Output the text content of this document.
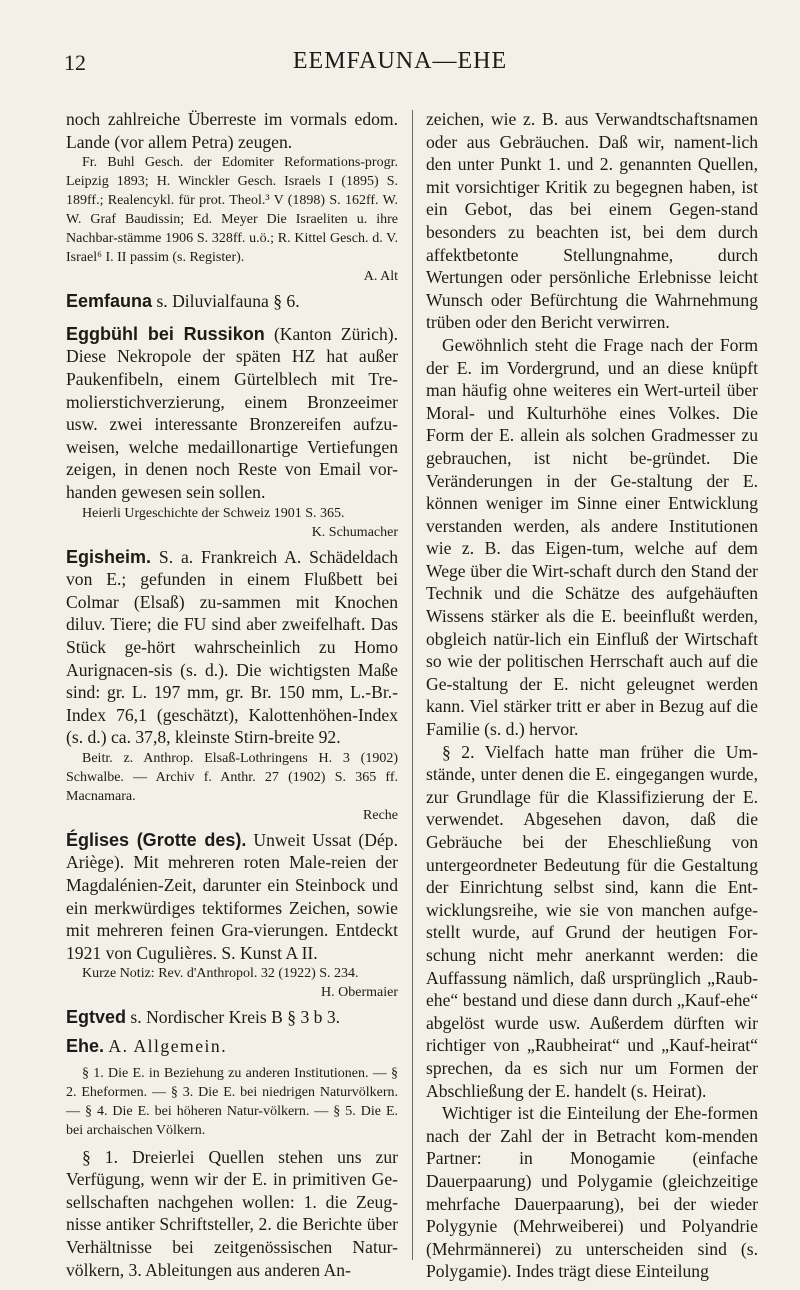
12	EEMFAUNA—EHE

noch zahlreiche Überreste im vormals edom. Lande (vor allem Petra) zeugen.

Fr. Buhl Gesch. der Edomiter Reformations-progr. Leipzig 1893; H. Winckler Gesch. Israels I (1895) S. 189ff.; Realencykl. für prot. Theol.³ V (1898) S. 162ff. W. W. Graf Baudissin; Ed. Meyer Die Israeliten u. ihre Nachbar-stämme 1906 S. 328ff. u.ö.; R. Kittel Gesch. d. V. Israel⁶ I. II passim (s. Register).

A. Alt

Eemfauna s. Diluvialfauna § 6.

Eggbühl bei Russikon (Kanton Zürich). Diese Nekropole der späten HZ hat außer Paukenfibeln, einem Gürtelblech mit Tre-molierstichverzierung, einem Bronzeeimer usw. zwei interessante Bronzereifen aufzu-weisen, welche medaillonartige Vertiefungen zeigen, in denen noch Reste von Email vor-handen gewesen sein sollen.

Heierli Urgeschichte der Schweiz 1901 S. 365.

K. Schumacher

Egisheim. S. a. Frankreich A. Schädeldach von E.; gefunden in einem Flußbett bei Colmar (Elsaß) zu-sammen mit Knochen diluv. Tiere; die FU sind aber zweifelhaft. Das Stück ge-hört wahrscheinlich zu Homo Aurignacen-sis (s. d.). Die wichtigsten Maße sind: gr. L. 197 mm, gr. Br. 150 mm, L.-Br.-Index 76,1 (geschätzt), Kalottenhöhen-Index (s. d.) ca. 37,8, kleinste Stirn-breite 92.

Beitr. z. Anthrop. Elsaß-Lothringens H. 3 (1902) Schwalbe. — Archiv f. Anthr. 27 (1902) S. 365 ff. Macnamara.

Reche

Églises (Grotte des). Unweit Ussat (Dép. Ariège). Mit mehreren roten Male-reien der Magdalénien-Zeit, darunter ein Steinbock und ein merkwürdiges tektiformes Zeichen, sowie mit mehreren feinen Gra-vierungen. Entdeckt 1921 von Cugulières. S. Kunst A II.

Kurze Notiz: Rev. d'Anthropol. 32 (1922) S. 234.

H. Obermaier

Egtved s. Nordischer Kreis B § 3 b 3.

Ehe. A. Allgemein.

§ 1. Die E. in Beziehung zu anderen Institutionen. — § 2. Eheformen. — § 3. Die E. bei niedrigen Naturvölkern. — § 4. Die E. bei höheren Natur-völkern. — § 5. Die E. bei archaischen Völkern.

§ 1. Dreierlei Quellen stehen uns zur Verfügung, wenn wir der E. in primitiven Ge-sellschaften nachgehen wollen: 1. die Zeug-nisse antiker Schriftsteller, 2. die Berichte über Verhältnisse bei zeitgenössischen Natur-völkern, 3. Ableitungen aus anderen An-

zeichen, wie z. B. aus Verwandtschaftsnamen oder aus Gebräuchen. Daß wir, nament-lich den unter Punkt 1. und 2. genannten Quellen, mit vorsichtiger Kritik zu begegnen haben, ist ein Gebot, das bei einem Gegen-stand besonders zu beachten ist, bei dem durch affektbetonte Stellungnahme, durch Wertungen oder persönliche Erlebnisse leicht Wunsch oder Befürchtung die Wahrnehmung trüben oder den Bericht verwirren.

Gewöhnlich steht die Frage nach der Form der E. im Vordergrund, und an diese knüpft man häufig ohne weiteres ein Wert-urteil über Moral- und Kulturhöhe eines Volkes. Die Form der E. allein als solchen Gradmesser zu gebrauchen, ist nicht be-gründet. Die Veränderungen in der Ge-staltung der E. können weniger im Sinne einer Entwicklung verstanden werden, als andere Institutionen wie z. B. das Eigen-tum, welche auf dem Wege über die Wirt-schaft durch den Stand der Technik und die Schätze des aufgehäuften Wissens stärker als die E. beeinflußt werden, obgleich natür-lich ein Einfluß der Wirtschaft so wie der politischen Herrschaft auch auf die Ge-staltung der E. nicht geleugnet werden kann. Viel stärker tritt er aber in Bezug auf die Familie (s. d.) hervor.

§ 2. Vielfach hatte man früher die Um-stände, unter denen die E. eingegangen wurde, zur Grundlage für die Klassifizierung der E. verwendet. Abgesehen davon, daß die Gebräuche bei der Eheschließung von untergeordneter Bedeutung für die Gestaltung der Einrichtung selbst sind, kann die Ent-wicklungsreihe, wie sie von manchen aufge-stellt wurde, auf Grund der heutigen For-schung nicht mehr anerkannt werden: die Auffassung nämlich, daß ursprünglich „Raub-ehe“ bestand und diese dann durch „Kauf-ehe“ abgelöst wurde usw. Außerdem dürften wir richtiger von „Raubheirat“ und „Kauf-heirat“ sprechen, da es sich nur um Formen der Abschließung der E. handelt (s. Heirat).

Wichtiger ist die Einteilung der Ehe-formen nach der Zahl der in Betracht kom-menden Partner: in Monogamie (einfache Dauerpaarung) und Polygamie (gleichzeitige mehrfache Dauerpaarung), bei der wieder Polygynie (Mehrweiberei) und Polyandrie (Mehrmännerei) zu unterscheiden sind (s. Polygamie). Indes trägt diese Einteilung
